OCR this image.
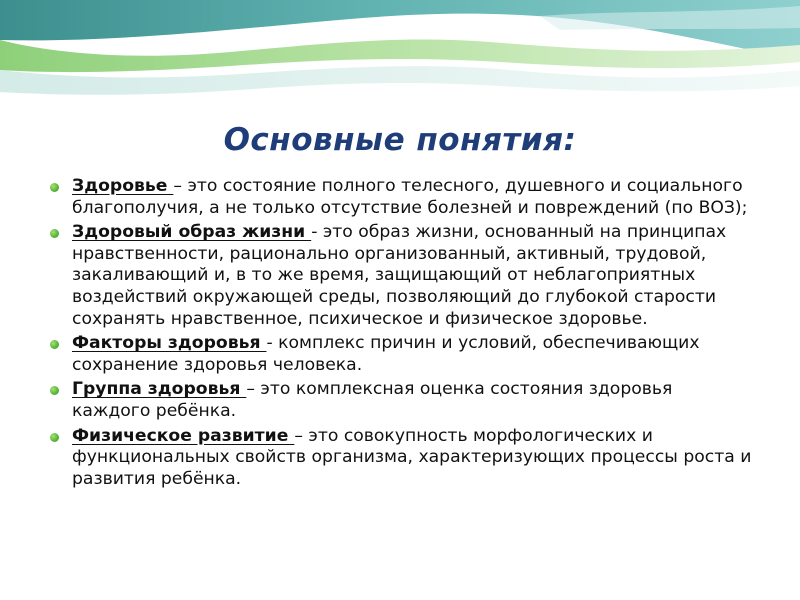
Основные понятия:
Здоровье – это состояние полного телесного, душевного и социального благополучия, а не только отсутствие болезней и повреждений (по ВОЗ);
Здоровый образ жизни - это образ жизни, основанный на принципах нравственности, рационально организованный, активный, трудовой, закаливающий и, в то же время, защищающий от неблагоприятных воздействий окружающей среды, позволяющий до глубокой старости сохранять нравственное, психическое и физическое здоровье.
Факторы здоровья - комплекс причин и условий, обеспечивающих сохранение здоровья человека.
Группа здоровья – это комплексная оценка состояния здоровья каждого ребёнка.
Физическое развитие – это совокупность морфологических и функциональных свойств организма, характеризующих процессы роста и развития ребёнка.
